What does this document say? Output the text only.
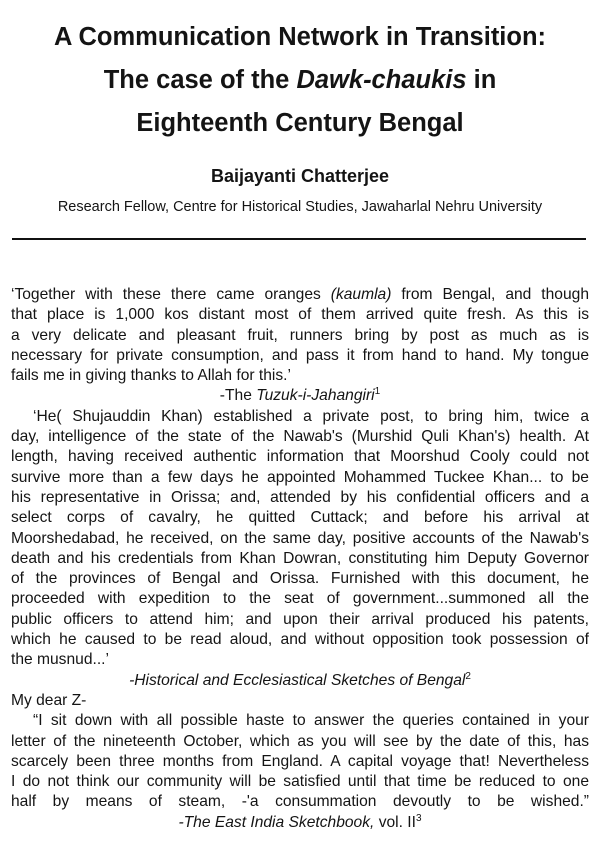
A Communication Network in Transition:
The case of the Dawk-chaukis in
Eighteenth Century Bengal
Baijayanti Chatterjee
Research Fellow, Centre for Historical Studies, Jawaharlal Nehru University
‘Together with these there came oranges (kaumla) from Bengal, and though
that place is 1,000 kos distant most of them arrived quite fresh. As this is
a very delicate and pleasant fruit, runners bring by post as much as is
necessary for private consumption, and pass it from hand to hand. My tongue
fails me in giving thanks to Allah for this.’
-The Tuzuk-i-Jahangiri$^1$
‘He( Shujauddin Khan) established a private post, to bring him, twice a
day, intelligence of the state of the Nawab's (Murshid Quli Khan's) health. At
length, having received authentic information that Moorshud Cooly could not
survive more than a few days he appointed Mohammed Tuckee Khan... to be
his representative in Orissa; and, attended by his confidential officers and a
select corps of cavalry, he quitted Cuttack; and before his arrival at
Moorshedabad, he received, on the same day, positive accounts of the Nawab's
death and his credentials from Khan Dowran, constituting him Deputy Governor
of the provinces of Bengal and Orissa. Furnished with this document, he
proceeded with expedition to the seat of government...summoned all the
public officers to attend him; and upon their arrival produced his patents,
which he caused to be read aloud, and without opposition took possession of
the musnud...’
-Historical and Ecclesiastical Sketches of Bengal$^2$
My dear Z-
“I sit down with all possible haste to answer the queries contained in your
letter of the nineteenth October, which as you will see by the date of this, has
scarcely been three months from England. A capital voyage that! Nevertheless
I do not think our community will be satisfied until that time be reduced to one
half by means of steam, -'a consummation devoutly to be wished.”
-The East India Sketchbook, vol. $II^3$
